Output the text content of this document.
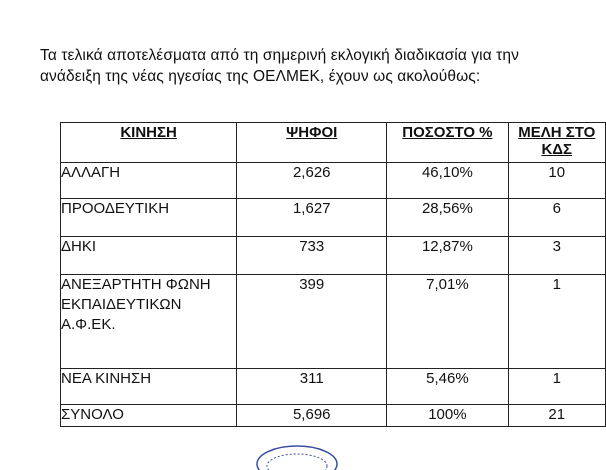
Τα τελικά αποτελέσματα από τη σημερινή εκλογική διαδικασία για την
ανάδειξη της νέας ηγεσίας της ΟΕΛΜΕΚ, έχουν ως ακολούθως:
ΚΙΝΗΣΗ	ΨΗΦΟΙ	ΠΟΣΟΣΤΟ %	ΜΕΛΗ ΣΤΟ ΚΔΣ
ΑΛΛΑΓΗ	2,626	46,10%	10
ΠΡΟΟΔΕΥΤΙΚΗ	1,627	28,56%	6
ΔΗΚΙ	733	12,87%	3
ΑΝΕΞΑΡΤΗΤΗ ΦΩΝΗ ΕΚΠΑΙΔΕΥΤΙΚΩΝ Α.Φ.ΕΚ.	399	7,01%	1
ΝΕΑ ΚΙΝΗΣΗ	311	5,46%	1
ΣΥΝΟΛΟ	5,696	100%	21
